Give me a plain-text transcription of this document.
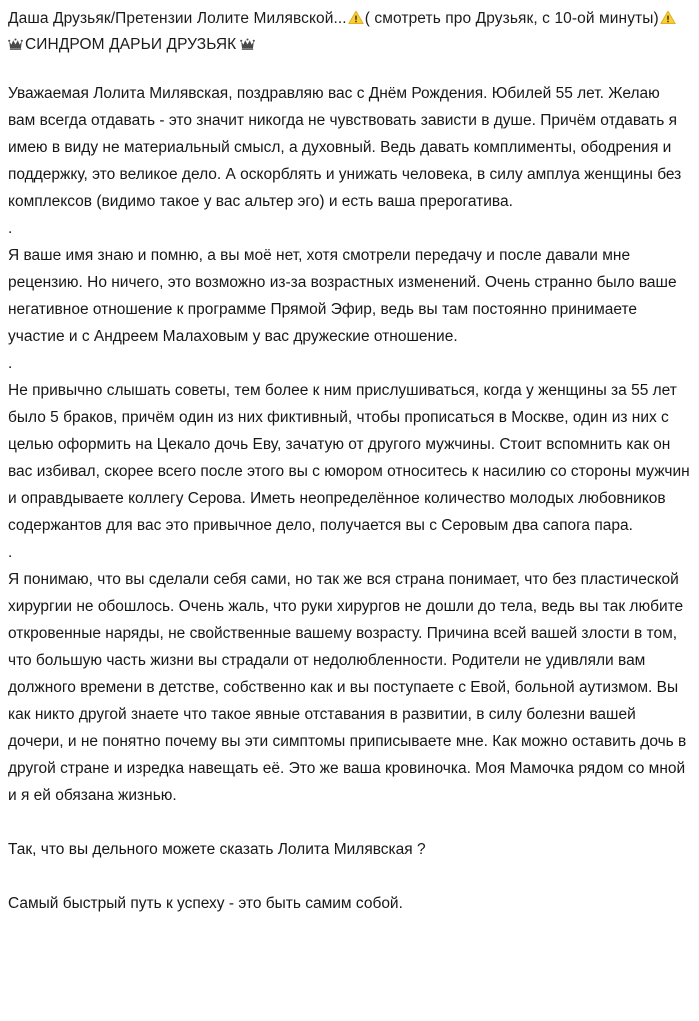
Даша Друзьяк/Претензии Лолите Милявской... ( смотреть про Друзьяк, с 10-ой минуты)

СИНДРОМ ДАРЬИ ДРУЗЬЯК

Уважаемая Лолита Милявская, поздравляю вас с Днём Рождения. Юбилей 55 лет. Желаю вам всегда отдавать - это значит никогда не чувствовать зависти в душе. Причём отдавать я имею в виду не материальный смысл, а духовный. Ведь давать комплименты, ободрения и поддержку, это великое дело. А оскорблять и унижать человека, в силу амплуа женщины без комплексов (видимо такое у вас альтер эго) и есть ваша прерогатива.

.

Я ваше имя знаю и помню, а вы моё нет, хотя смотрели передачу и после давали мне рецензию. Но ничего, это возможно из-за возрастных изменений. Очень странно было ваше негативное отношение к программе Прямой Эфир, ведь вы там постоянно принимаете участие и с Андреем Малаховым у вас дружеские отношение.

.

Не привычно слышать советы, тем более к ним прислушиваться, когда у женщины за 55 лет было 5 браков, причём один из них фиктивный, чтобы прописаться в Москве, один из них с целью оформить на Цекало дочь Еву, зачатую от другого мужчины. Стоит вспомнить как он вас избивал, скорее всего после этого вы с юмором относитесь к насилию со стороны мужчин и оправдываете коллегу Серова. Иметь неопределённое количество молодых любовников содержантов для вас это привычное дело, получается вы с Серовым два сапога пара.

.

Я понимаю, что вы сделали себя сами, но так же вся страна понимает, что без пластической хирургии не обошлось. Очень жаль, что руки хирургов не дошли до тела, ведь вы так любите откровенные наряды, не свойственные вашему возрасту. Причина всей вашей злости в том, что большую часть жизни вы страдали от недолюбленности. Родители не удивляли вам должного времени в детстве, собственно как и вы поступаете с Евой, больной аутизмом. Вы как никто другой знаете что такое явные отставания в развитии, в силу болезни вашей дочери, и не понятно почему вы эти симптомы приписываете мне. Как можно оставить дочь в другой стране и изредка навещать её. Это же ваша кровиночка. Моя Мамочка рядом со мной и я ей обязана жизнью.

Так, что вы дельного можете сказать Лолита Милявская ?

Самый быстрый путь к успеху - это быть самим собой.
